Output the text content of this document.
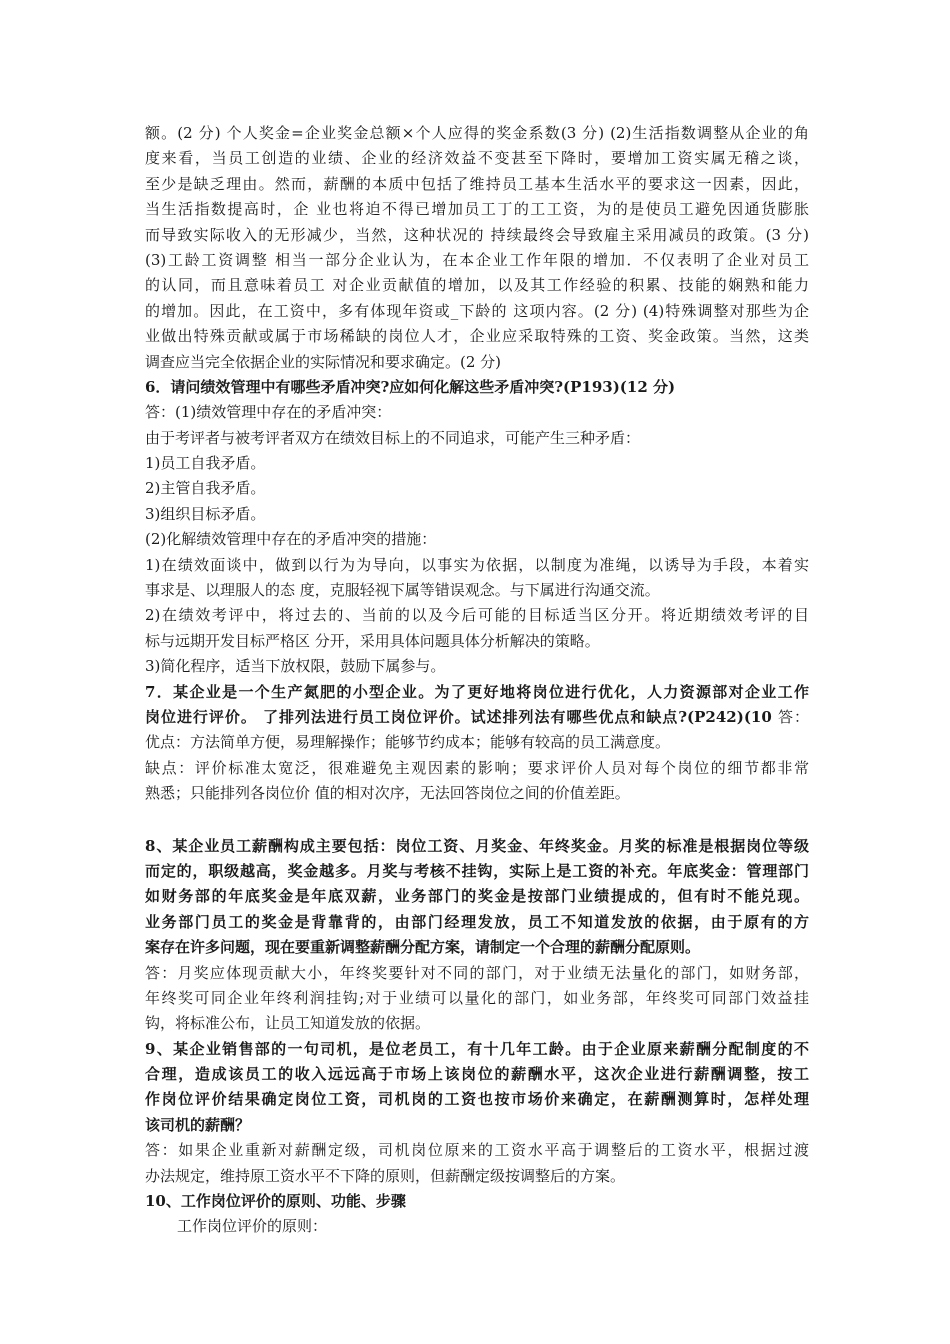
额。(2 分) 个人奖金=企业奖金总额×个人应得的奖金系数(3 分) (2)生活指数调整从企业的角
度来看，当员工创造的业绩、企业的经济效益不变甚至下降时，要增加工资实属无稽之谈，
至少是缺乏理由。然而，薪酬的本质中包括了维持员工基本生活水平的要求这一因素，因此，
当生活指数提高时，企 业也将迫不得已增加员工丁的工工资，为的是使员工避免因通货膨胀
而导致实际收入的无形减少，当然，这种状况的 持续最终会导致雇主采用减员的政策。(3 分)
(3)工龄工资调整 相当一部分企业认为，在本企业工作年限的增加．不仅表明了企业对员工
的认同，而且意味着员工 对企业贡献值的增加，以及其工作经验的积累、技能的娴熟和能力
的增加。因此，在工资中，多有体现年资或_下龄的 这项内容。(2 分) (4)特殊调整对那些为企
业做出特殊贡献或属于市场稀缺的岗位人才，企业应采取特殊的工资、奖金政策。当然，这类
调查应当完全依据企业的实际情况和要求确定。(2 分)
6．请问绩效管理中有哪些矛盾冲突?应如何化解这些矛盾冲突?(P193)(12 分)
答：(1)绩效管理中存在的矛盾冲突：
由于考评者与被考评者双方在绩效目标上的不同追求，可能产生三种矛盾：
1)员工自我矛盾。
2)主管自我矛盾。
3)组织目标矛盾。
(2)化解绩效管理中存在的矛盾冲突的措施：
1)在绩效面谈中，做到以行为为导向，以事实为依据，以制度为准绳，以诱导为手段，本着实
事求是、以理服人的态 度，克服轻视下属等错误观念。与下属进行沟通交流。
2)在绩效考评中，将过去的、当前的以及今后可能的目标适当区分开。将近期绩效考评的目
标与远期开发目标严格区 分开，采用具体问题具体分析解决的策略。
3)简化程序，适当下放权限，鼓励下属参与。
7．某企业是一个生产氮肥的小型企业。为了更好地将岗位进行优化，人力资源部对企业工作
岗位进行评价。 了排列法进行员工岗位评价。试述排列法有哪些优点和缺点?(P242)(10 答：
优点：方法简单方便，易理解操作；能够节约成本；能够有较高的员工满意度。
缺点：评价标准太宽泛，很难避免主观因素的影响；要求评价人员对每个岗位的细节都非常
熟悉；只能排列各岗位价 值的相对次序，无法回答岗位之间的价值差距。
8、某企业员工薪酬构成主要包括：岗位工资、月奖金、年终奖金。月奖的标准是根据岗位等级
而定的，职级越高，奖金越多。月奖与考核不挂钩，实际上是工资的补充。年底奖金：管理部门
如财务部的年底奖金是年底双薪，业务部门的奖金是按部门业绩提成的，但有时不能兑现。
业务部门员工的奖金是背靠背的，由部门经理发放，员工不知道发放的依据，由于原有的方
案存在许多问题，现在要重新调整薪酬分配方案，请制定一个合理的薪酬分配原则。
答：月奖应体现贡献大小，年终奖要针对不同的部门，对于业绩无法量化的部门，如财务部，
年终奖可同企业年终利润挂钩;对于业绩可以量化的部门，如业务部，年终奖可同部门效益挂
钩，将标准公布，让员工知道发放的依据。
9、某企业销售部的一句司机，是位老员工，有十几年工龄。由于企业原来薪酬分配制度的不
合理，造成该员工的收入远远高于市场上该岗位的薪酬水平，这次企业进行薪酬调整，按工
作岗位评价结果确定岗位工资，司机岗的工资也按市场价来确定，在薪酬测算时，怎样处理
该司机的薪酬？
答：如果企业重新对薪酬定级，司机岗位原来的工资水平高于调整后的工资水平，根据过渡
办法规定，维持原工资水平不下降的原则，但薪酬定级按调整后的方案。
10、工作岗位评价的原则、功能、步骤
工作岗位评价的原则：
